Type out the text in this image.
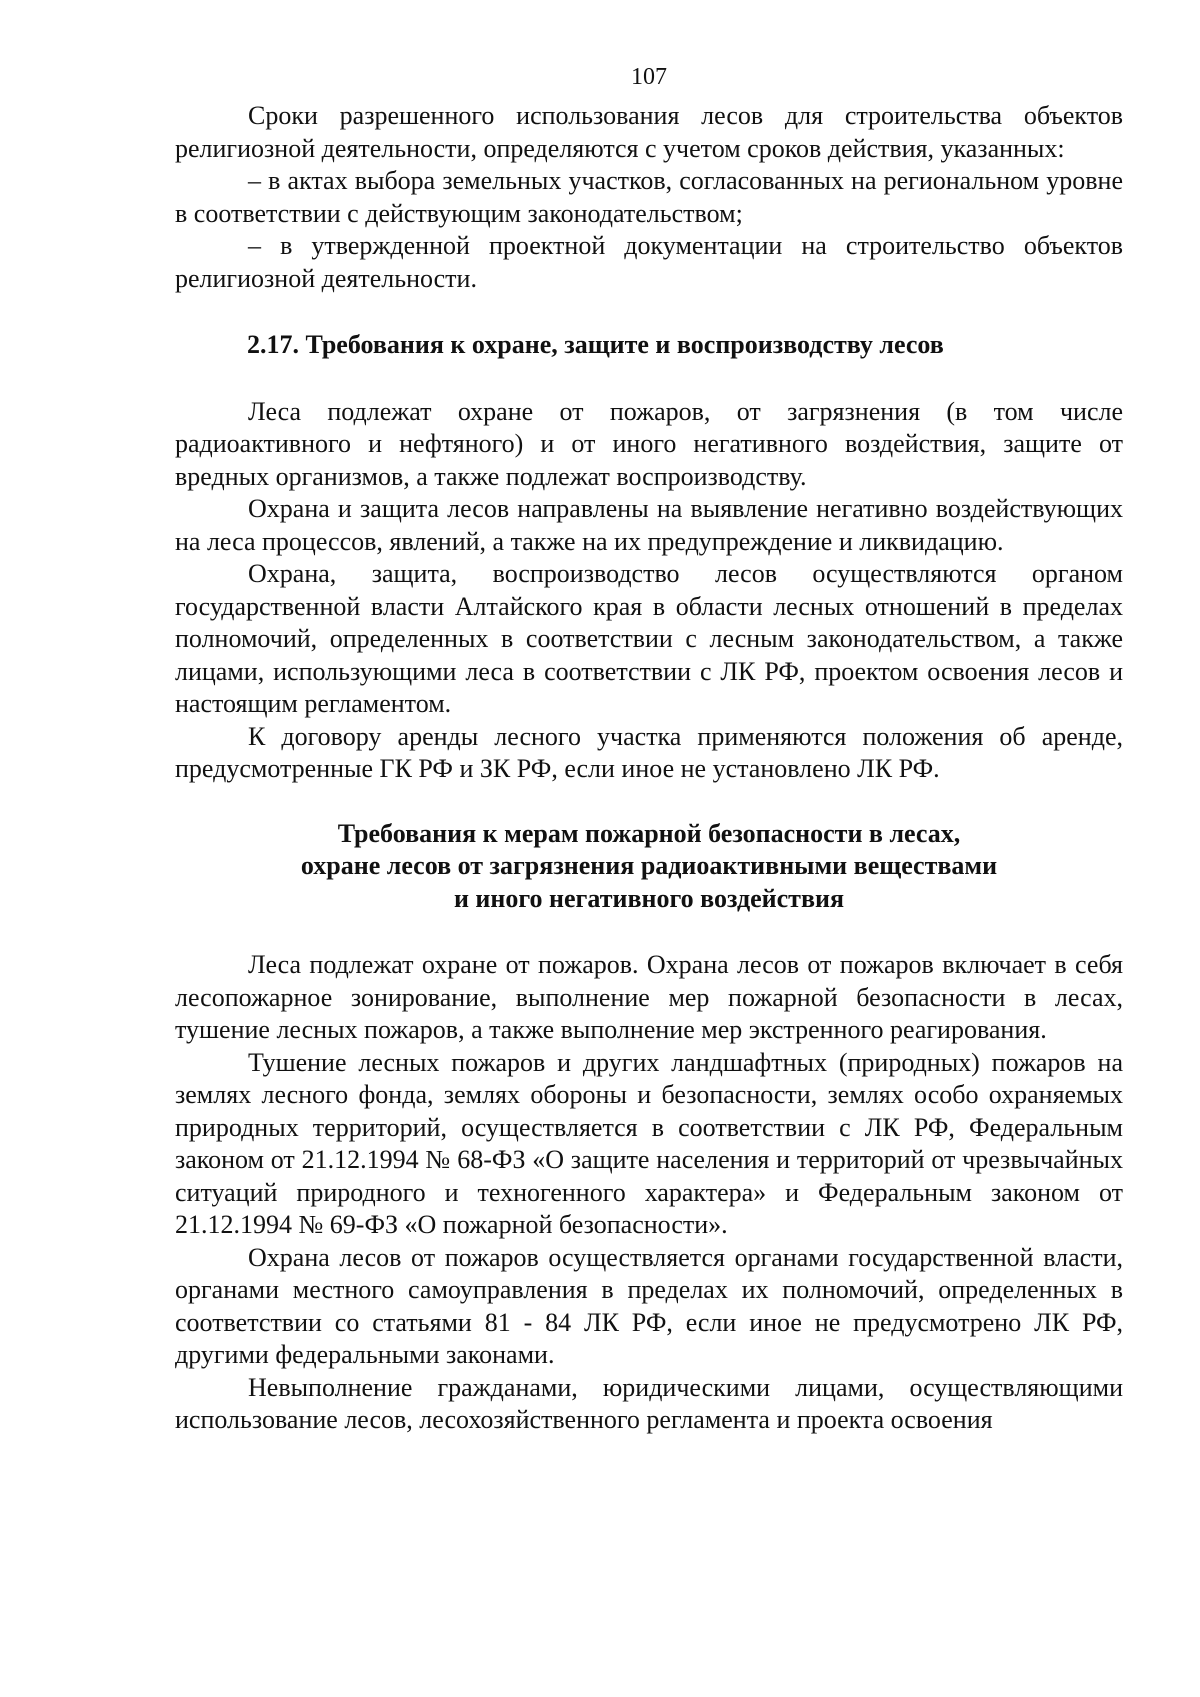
107

Сроки разрешенного использования лесов для строительства объектов религиозной деятельности, определяются с учетом сроков действия, указанных:

– в актах выбора земельных участков, согласованных на региональном уровне в соответствии с действующим законодательством;

– в утвержденной проектной документации на строительство объектов религиозной деятельности.

2.17. Требования к охране, защите и воспроизводству лесов

Леса подлежат охране от пожаров, от загрязнения (в том числе радиоактивного и нефтяного) и от иного негативного воздействия, защите от вредных организмов, а также подлежат воспроизводству.

Охрана и защита лесов направлены на выявление негативно воздействующих на леса процессов, явлений, а также на их предупреждение и ликвидацию.

Охрана, защита, воспроизводство лесов осуществляются органом государственной власти Алтайского края в области лесных отношений в пределах полномочий, определенных в соответствии с лесным законодательством, а также лицами, использующими леса в соответствии с ЛК РФ, проектом освоения лесов и настоящим регламентом.

К договору аренды лесного участка применяются положения об аренде, предусмотренные ГК РФ и ЗК РФ, если иное не установлено ЛК РФ.

Требования к мерам пожарной безопасности в лесах,
охране лесов от загрязнения радиоактивными веществами
и иного негативного воздействия

Леса подлежат охране от пожаров. Охрана лесов от пожаров включает в себя лесопожарное зонирование, выполнение мер пожарной безопасности в лесах, тушение лесных пожаров, а также выполнение мер экстренного реагирования.

Тушение лесных пожаров и других ландшафтных (природных) пожаров на землях лесного фонда, землях обороны и безопасности, землях особо охраняемых природных территорий, осуществляется в соответствии с ЛК РФ, Федеральным законом от 21.12.1994 № 68-ФЗ «О защите населения и территорий от чрезвычайных ситуаций природного и техногенного характера» и Федеральным законом от 21.12.1994 № 69-ФЗ «О пожарной безопасности».

Охрана лесов от пожаров осуществляется органами государственной власти, органами местного самоуправления в пределах их полномочий, определенных в соответствии со статьями 81 - 84 ЛК РФ, если иное не предусмотрено ЛК РФ, другими федеральными законами.

Невыполнение гражданами, юридическими лицами, осуществляющими использование лесов, лесохозяйственного регламента и проекта освоения
